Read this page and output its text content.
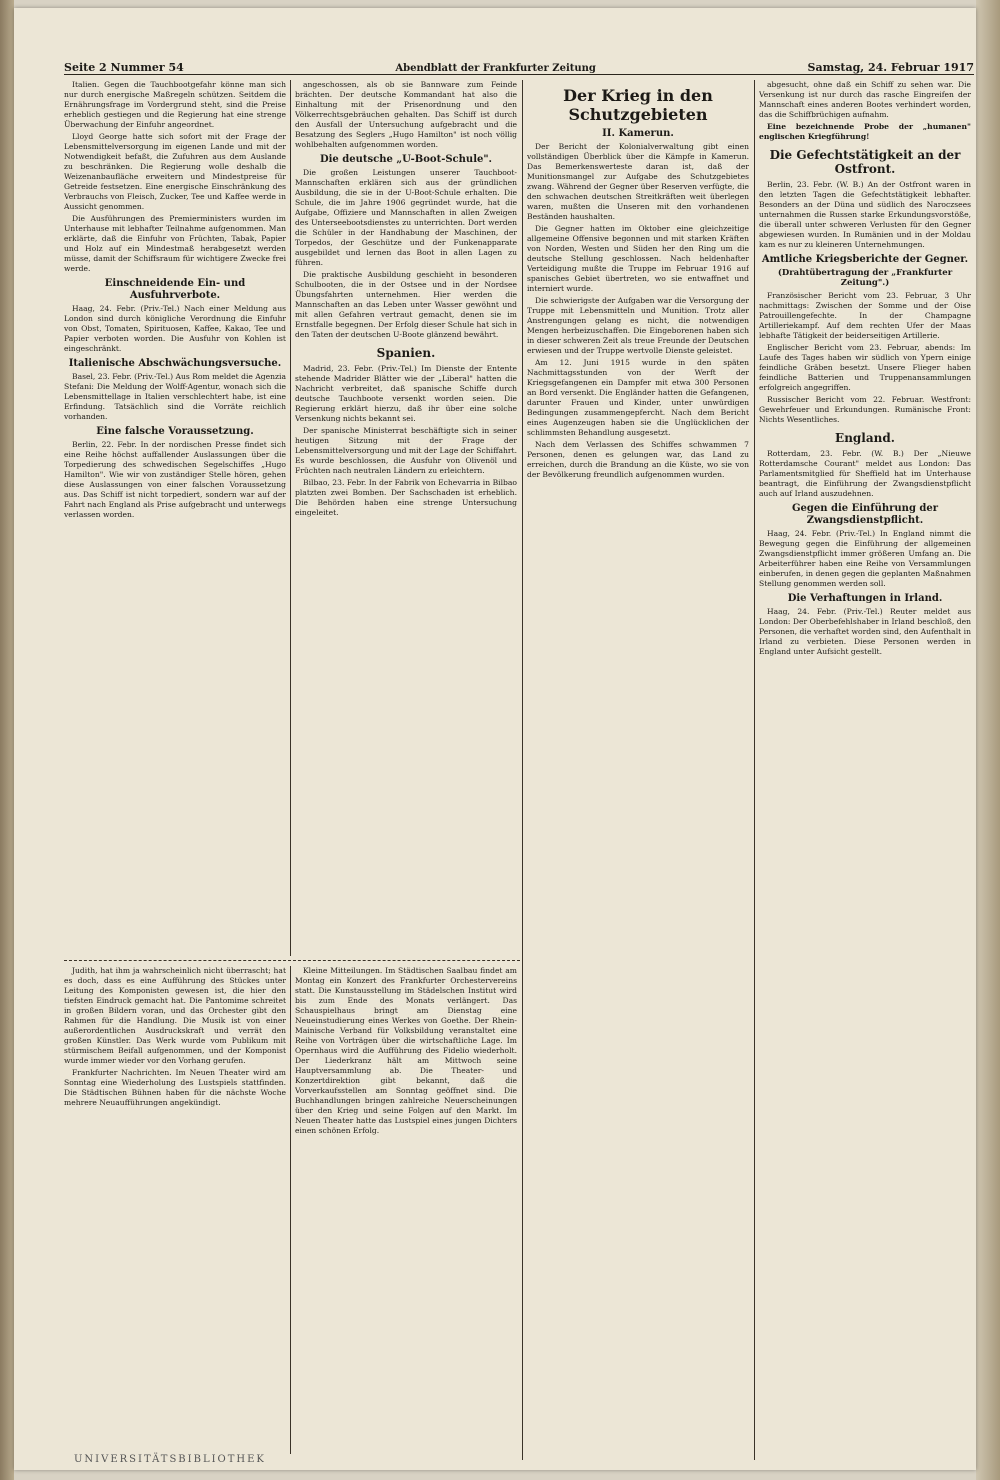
Seite 2 Nummer 54	Abendblatt der Frankfurter Zeitung	Samstag, 24. Februar 1917

Italien. Gegen die Tauchbootgefahr könne man sich nur durch energische Maßregeln schützen. Seitdem die Ernährungsfrage im Vordergrund steht, sind die Preise erheblich gestiegen und die Regierung hat eine strenge Überwachung der Einfuhr angeordnet.

Lloyd George hatte sich sofort mit der Frage der Lebensmittelversorgung im eigenen Lande und mit der Notwendigkeit befaßt, die Zufuhren aus dem Auslande zu beschränken. Die Regierung wolle deshalb die Weizenanbaufläche erweitern und Mindestpreise für Getreide festsetzen. Eine energische Einschränkung des Verbrauchs von Fleisch, Zucker, Tee und Kaffee werde in Aussicht genommen.

Die Ausführungen des Premierministers wurden im Unterhause mit lebhafter Teilnahme aufgenommen. Man erklärte, daß die Einfuhr von Früchten, Tabak, Papier und Holz auf ein Mindestmaß herabgesetzt werden müsse, damit der Schiffsraum für wichtigere Zwecke frei werde.

Einschneidende Ein- und Ausfuhrverbote.

Haag, 24. Febr. (Priv.-Tel.) Nach einer Meldung aus London sind durch königliche Verordnung die Einfuhr von Obst, Tomaten, Spirituosen, Kaffee, Kakao, Tee und Papier verboten worden. Die Ausfuhr von Kohlen ist eingeschränkt.

Italienische Abschwächungsversuche.

Basel, 23. Febr. (Priv.-Tel.) Aus Rom meldet die Agenzia Stefani: Die Meldung der Wolff-Agentur, wonach sich die Lebensmittellage in Italien verschlechtert habe, ist eine Erfindung. Tatsächlich sind die Vorräte reichlich vorhanden.

Eine falsche Voraussetzung.

Berlin, 22. Febr. In der nordischen Presse findet sich eine Reihe höchst auffallender Auslassungen über die Torpedierung des schwedischen Segelschiffes „Hugo Hamilton". Wie wir von zuständiger Stelle hören, gehen diese Auslassungen von einer falschen Voraussetzung aus. Das Schiff ist nicht torpediert, sondern war auf der Fahrt nach England als Prise aufgebracht und unterwegs verlassen worden.

angeschossen, als ob sie Bannware zum Feinde brächten. Der deutsche Kommandant hat also die Einhaltung mit der Prisenordnung und den Völkerrechtsgebräuchen gehalten. Das Schiff ist durch den Ausfall der Untersuchung aufgebracht und die Besatzung des Seglers „Hugo Hamilton" ist noch völlig wohlbehalten aufgenommen worden.

Die deutsche „U-Boot-Schule".

Die großen Leistungen unserer Tauchboot-Mannschaften erklären sich aus der gründlichen Ausbildung, die sie in der U-Boot-Schule erhalten. Die Schule, die im Jahre 1906 gegründet wurde, hat die Aufgabe, Offiziere und Mannschaften in allen Zweigen des Unterseebootsdienstes zu unterrichten. Dort werden die Schüler in der Handhabung der Maschinen, der Torpedos, der Geschütze und der Funkenapparate ausgebildet und lernen das Boot in allen Lagen zu führen.

Die praktische Ausbildung geschieht in besonderen Schulbooten, die in der Ostsee und in der Nordsee Übungsfahrten unternehmen. Hier werden die Mannschaften an das Leben unter Wasser gewöhnt und mit allen Gefahren vertraut gemacht, denen sie im Ernstfalle begegnen. Der Erfolg dieser Schule hat sich in den Taten der deutschen U-Boote glänzend bewährt.

Spanien.

Madrid, 23. Febr. (Priv.-Tel.) Im Dienste der Entente stehende Madrider Blätter wie der „Liberal" hatten die Nachricht verbreitet, daß spanische Schiffe durch deutsche Tauchboote versenkt worden seien. Die Regierung erklärt hierzu, daß ihr über eine solche Versenkung nichts bekannt sei.

Der spanische Ministerrat beschäftigte sich in seiner heutigen Sitzung mit der Frage der Lebensmittelversorgung und mit der Lage der Schiffahrt. Es wurde beschlossen, die Ausfuhr von Olivenöl und Früchten nach neutralen Ländern zu erleichtern.

Bilbao, 23. Febr. In der Fabrik von Echevarria in Bilbao platzten zwei Bomben. Der Sachschaden ist erheblich. Die Behörden haben eine strenge Untersuchung eingeleitet.

Der Krieg in den Schutzgebieten
II. Kamerun.

Der Bericht der Kolonialverwaltung gibt einen vollständigen Überblick über die Kämpfe in Kamerun. Das Bemerkenswerteste daran ist, daß der Munitionsmangel zur Aufgabe des Schutzgebietes zwang. Während der Gegner über Reserven verfügte, die den schwachen deutschen Streitkräften weit überlegen waren, mußten die Unseren mit den vorhandenen Beständen haushalten.

Die Gegner hatten im Oktober eine gleichzeitige allgemeine Offensive begonnen und mit starken Kräften von Norden, Westen und Süden her den Ring um die deutsche Stellung geschlossen. Nach heldenhafter Verteidigung mußte die Truppe im Februar 1916 auf spanisches Gebiet übertreten, wo sie entwaffnet und interniert wurde.

Die schwierigste der Aufgaben war die Versorgung der Truppe mit Lebensmitteln und Munition. Trotz aller Anstrengungen gelang es nicht, die notwendigen Mengen herbeizuschaffen. Die Eingeborenen haben sich in dieser schweren Zeit als treue Freunde der Deutschen erwiesen und der Truppe wertvolle Dienste geleistet.

Am 12. Juni 1915 wurde in den späten Nachmittagsstunden von der Werft der Kriegsgefangenen ein Dampfer mit etwa 300 Personen an Bord versenkt. Die Engländer hatten die Gefangenen, darunter Frauen und Kinder, unter unwürdigen Bedingungen zusammengepfercht. Nach dem Bericht eines Augenzeugen haben sie die Unglücklichen der schlimmsten Behandlung ausgesetzt.

Nach dem Verlassen des Schiffes schwammen 7 Personen, denen es gelungen war, das Land zu erreichen, durch die Brandung an die Küste, wo sie von der Bevölkerung freundlich aufgenommen wurden.

abgesucht, ohne daß ein Schiff zu sehen war. Die Versenkung ist nur durch das rasche Eingreifen der Mannschaft eines anderen Bootes verhindert worden, das die Schiffbrüchigen aufnahm.

Eine bezeichnende Probe der „humanen" englischen Kriegführung!

Die Gefechtstätigkeit an der Ostfront.

Berlin, 23. Febr. (W. B.) An der Ostfront waren in den letzten Tagen die Gefechtstätigkeit lebhafter. Besonders an der Düna und südlich des Naroczsees unternahmen die Russen starke Erkundungsvorstöße, die überall unter schweren Verlusten für den Gegner abgewiesen wurden. In Rumänien und in der Moldau kam es nur zu kleineren Unternehmungen.

Amtliche Kriegsberichte der Gegner.
(Drahtübertragung der „Frankfurter Zeitung".)

Französischer Bericht vom 23. Februar, 3 Uhr nachmittags: Zwischen der Somme und der Oise Patrouillengefechte. In der Champagne Artilleriekampf. Auf dem rechten Ufer der Maas lebhafte Tätigkeit der beiderseitigen Artillerie.

Englischer Bericht vom 23. Februar, abends: Im Laufe des Tages haben wir südlich von Ypern einige feindliche Gräben besetzt. Unsere Flieger haben feindliche Batterien und Truppenansammlungen erfolgreich angegriffen.

Russischer Bericht vom 22. Februar. Westfront: Gewehrfeuer und Erkundungen. Rumänische Front: Nichts Wesentliches.

England.

Rotterdam, 23. Febr. (W. B.) Der „Nieuwe Rotterdamsche Courant" meldet aus London: Das Parlamentsmitglied für Sheffield hat im Unterhause beantragt, die Einführung der Zwangsdienstpflicht auch auf Irland auszudehnen.

Gegen die Einführung der Zwangsdienstpflicht.

Haag, 24. Febr. (Priv.-Tel.) In England nimmt die Bewegung gegen die Einführung der allgemeinen Zwangsdienstpflicht immer größeren Umfang an. Die Arbeiterführer haben eine Reihe von Versammlungen einberufen, in denen gegen die geplanten Maßnahmen Stellung genommen werden soll.

Die Verhaftungen in Irland.

Haag, 24. Febr. (Priv.-Tel.) Reuter meldet aus London: Der Oberbefehlshaber in Irland beschloß, den Personen, die verhaftet worden sind, den Aufenthalt in Irland zu verbieten. Diese Personen werden in England unter Aufsicht gestellt.

Judith, hat ihm ja wahrscheinlich nicht überrascht; hat es doch, dass es eine Aufführung des Stückes unter Leitung des Komponisten gewesen ist, die hier den tiefsten Eindruck gemacht hat. Die Pantomime schreitet in großen Bildern voran, und das Orchester gibt den Rahmen für die Handlung. Die Musik ist von einer außerordentlichen Ausdruckskraft und verrät den großen Künstler. Das Werk wurde vom Publikum mit stürmischem Beifall aufgenommen, und der Komponist wurde immer wieder vor den Vorhang gerufen.

Frankfurter Nachrichten. Im Neuen Theater wird am Sonntag eine Wiederholung des Lustspiels stattfinden. Die Städtischen Bühnen haben für die nächste Woche mehrere Neuaufführungen angekündigt.

Kleine Mitteilungen. Im Städtischen Saalbau findet am Montag ein Konzert des Frankfurter Orchestervereins statt. Die Kunstausstellung im Städelschen Institut wird bis zum Ende des Monats verlängert. Das Schauspielhaus bringt am Dienstag eine Neueinstudierung eines Werkes von Goethe. Der Rhein-Mainische Verband für Volksbildung veranstaltet eine Reihe von Vorträgen über die wirtschaftliche Lage. Im Opernhaus wird die Aufführung des Fidelio wiederholt. Der Liederkranz hält am Mittwoch seine Hauptversammlung ab. Die Theater- und Konzertdirektion gibt bekannt, daß die Vorverkaufsstellen am Sonntag geöffnet sind. Die Buchhandlungen bringen zahlreiche Neuerscheinungen über den Krieg und seine Folgen auf den Markt. Im Neuen Theater hatte das Lustspiel eines jungen Dichters einen schönen Erfolg.

UNIVERSITÄTSBIBLIOTHEK
